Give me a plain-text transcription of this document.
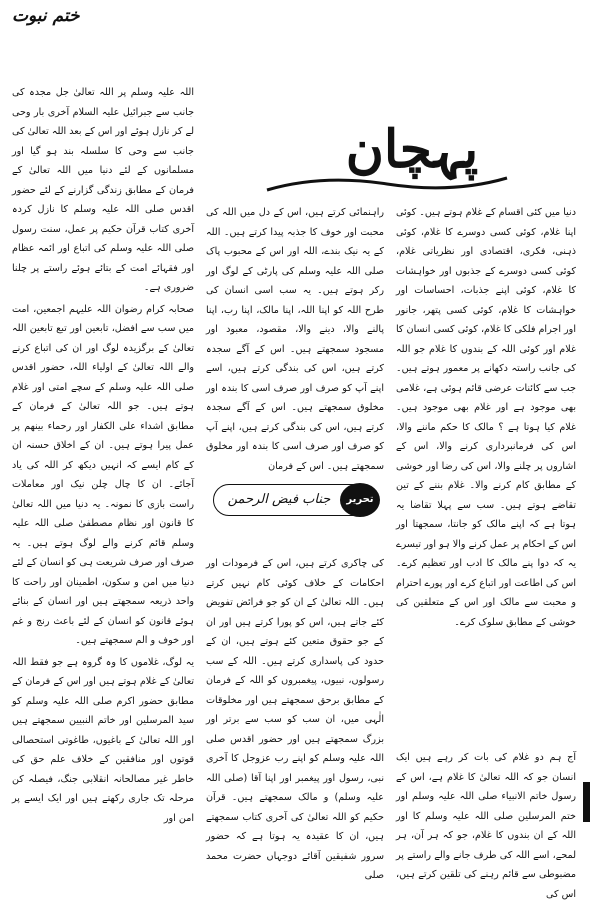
ختم نبوت
پہچان

دنیا میں کئی اقسام کے غلام ہوتے ہیں۔ کوئی اپنا غلام، کوئی کسی دوسرے کا غلام، کوئی ذہنی، فکری، اقتصادی اور نظریاتی غلام، کوئی کسی دوسرے کے جذبوں اور خواہشات کا غلام، کوئی اپنے جذبات، احساسات اور خواہشات کا غلام، کوئی کسی پتھر، جانور اور اجرام فلکی کا غلام، کوئی کسی انسان کا غلام اور کوئی اللہ کے بندوں کا غلام جو اللہ کی جانب راستہ دکھانے پر معمور ہوتے ہیں۔ جب سے کائنات عرضی قائم ہوئی ہے، غلامی بھی موجود ہے اور غلام بھی موجود ہیں۔ غلام کیا ہوتا ہے ؟ مالک کا حکم ماننے والا، اس کی فرمانبرداری کرنے والا، اس کے اشاروں پر چلنے والا، اس کی رضا اور خوشی کے مطابق کام کرنے والا۔ غلام بننے کے تین تقاضے ہوتے ہیں۔ سب سے پہلا تقاضا یہ ہوتا ہے کہ اپنے مالک کو جانتا، سمجھتا اور اس کے احکام پر عمل کرنے والا ہو اور تیسرے یہ کہ دوا پنے مالک کا ادب اور تعظیم کرے۔ اس کی اطاعت اور اتباع کرے اور پورے احترام و محبت سے مالک اور اس کے متعلقین کی خوشی کے مطابق سلوک کرے۔

آج ہم دو غلام کی بات کر رہے ہیں ایک انسان جو کہ اللہ تعالیٰ کا غلام ہے، اس کے رسول خاتم الانبیاء صلی اللہ علیہ وسلم اور ختم المرسلین صلی اللہ علیہ وسلم کا اور اللہ کے ان بندوں کا غلام، جو کہ ہر آن، ہر لمحے، اسے اللہ کی طرف جانے والے راستے پر مضبوطی سے قائم رہنے کی تلقین کرتے ہیں، اس کی

راہنمائی کرتے ہیں، اس کے دل میں اللہ کی محبت اور خوف کا جذبہ پیدا کرتے ہیں۔ اللہ کے یہ نیک بندے، اللہ اور اس کے محبوب پاک صلی اللہ علیہ وسلم کی پارٹی کے لوگ اور رکر ہوتے ہیں۔ یہ سب اسی انسان کی طرح اللہ کو اپنا اللہ، اپنا مالک، اپنا رب، اپنا پالنے والا، دینے والا، مقصود، معبود اور مسجود سمجھتے ہیں۔ اس کے آگے سجدہ کرتے ہیں، اس کی بندگی کرتے ہیں، اسے اپنے آپ کو صرف اور صرف اسی کا بندہ اور مخلوق سمجھتے ہیں۔ اس کے آگے سجدہ کرتے ہیں، اس کی بندگی کرتے ہیں، اپنے آپ کو صرف اور صرف اسی کا بندہ اور مخلوق سمجھتے ہیں۔ اس کے فرمان

کی چاکری کرتے ہیں، اس کے فرمودات اور احکامات کے خلاف کوئی کام نہیں کرتے ہیں۔ اللہ تعالیٰ کے ان کو جو فرائض تفویض کئے جاتے ہیں، اس کو پورا کرتے ہیں اور ان کے جو حقوق متعین کئے ہوتے ہیں، ان کے حدود کی پاسداری کرتے ہیں۔ اللہ کے سب رسولوں، نبیوں، پیغمبروں کو اللہ کے فرمان کے مطابق برحق سمجھتے ہیں اور مخلوقات الٰہی میں، ان سب کو سب سے برتر اور بزرگ سمجھتے ہیں اور حضور اقدس صلی اللہ علیہ وسلم کو اپنے رب عزوجل کا آخری نبی، رسول اور پیغمبر اور اپنا آقا (صلی اللہ علیہ وسلم) و مالک سمجھتے ہیں۔ قرآن حکیم کو اللہ تعالیٰ کی آخری کتاب سمجھتے ہیں، ان کا عقیدہ یہ ہوتا ہے کہ حضور سرور شفیقین آقائے دوجہاں حضرت محمد صلی

تحریر
جناب فیض الرحمن

اللہ علیہ وسلم پر اللہ تعالیٰ جل مجدہ کی جانب سے جبرائیل علیہ السلام آخری بار وحی لے کر نازل ہوئے اور اس کے بعد اللہ تعالیٰ کی جانب سے وحی کا سلسلہ بند ہو گیا اور مسلمانوں کے لئے دنیا میں اللہ تعالیٰ کے فرمان کے مطابق زندگی گزارنے کے لئے حضور اقدس صلی اللہ علیہ وسلم کا نازل کردہ آخری کتاب قرآن حکیم پر عمل، سنت رسول صلی اللہ علیہ وسلم کی اتباع اور ائمہ عظام اور فقہائے امت کے بتائے ہوئے راستے پر چلنا ضروری ہے۔

صحابہ کرام رضوان اللہ علیہم اجمعین، امت میں سب سے افضل، تابعین اور تبع تابعین اللہ تعالیٰ کے برگزیدہ لوگ اور ان کی اتباع کرنے والے اللہ تعالیٰ کے اولیاء اللہ، حضور اقدس صلی اللہ علیہ وسلم کے سچے امتی اور غلام ہوتے ہیں۔ جو اللہ تعالیٰ کے فرمان کے مطابق اشداء علی الکفار اور رحماء بینھم پر عمل پیرا ہوتے ہیں۔ ان کے اخلاق حسنہ ان کے کام ایسے کہ انہیں دیکھ کر اللہ کی یاد آجائے۔ ان کا چال چلن نیک اور معاملات راست بازی کا نمونہ۔ یہ دنیا میں اللہ تعالیٰ کا قانون اور نظام مصطفیٰ صلی اللہ علیہ وسلم قائم کرنے والے لوگ ہوتے ہیں۔ یہ صرف اور صرف شریعت ہی کو انسان کے لئے دنیا میں امن و سکون، اطمینان اور راحت کا واحد ذریعہ سمجھتے ہیں اور انسان کے بنائے ہوئے قانون کو انسان کے لئے باعث رنج و غم اور خوف و الم سمجھتے ہیں۔

یہ لوگ، غلاموں کا وہ گروہ ہے جو فقط اللہ تعالیٰ کے غلام ہوتے ہیں اور اس کے فرمان کے مطابق حضور اکرم صلی اللہ علیہ وسلم کو سید المرسلین اور خاتم النبیین سمجھتے ہیں اور اللہ تعالیٰ کے باغیوں، طاغوتی استحصالی قوتوں اور منافقین کے خلاف علم حق کی خاطر غیر مصالحانہ انقلابی جنگ، فیصلہ کن مرحلہ تک جاری رکھتے ہیں اور ایک ایسے پر امن اور
